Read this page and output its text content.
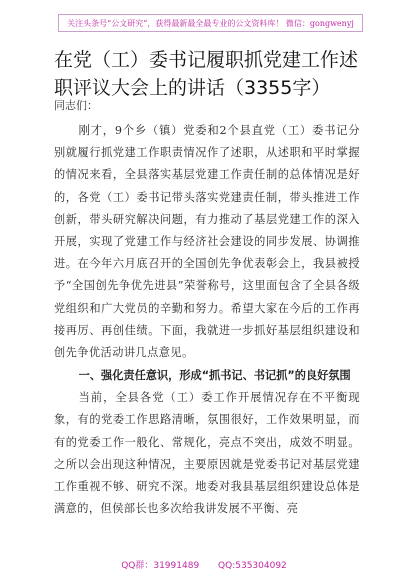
关注头条号“公文研究”，获得最新最全最专业的公文资料库！ 微信：gongwenyj
在党（工）委书记履职抓党建工作述职评议大会上的讲话（3355字）
同志们：

刚才，9个乡（镇）党委和2个县直党（工）委书记分别就履行抓党建工作职责情况作了述职，从述职和平时掌握的情况来看，全县落实基层党建工作责任制的总体情况是好的，各党（工）委书记带头落实党建责任制，带头推进工作创新，带头研究解决问题，有力推动了基层党建工作的深入开展，实现了党建工作与经济社会建设的同步发展、协调推进。在今年六月底召开的全国创先争优表彰会上，我县被授予“全国创先争优先进县”荣誉称号，这里面包含了全县各级党组织和广大党员的辛勤和努力。希望大家在今后的工作再接再厉、再创佳绩。下面，我就进一步抓好基层组织建设和创先争优活动讲几点意见。

一、强化责任意识，形成“抓书记、书记抓”的良好氛围

当前，全县各党（工）委工作开展情况存在不平衡现象，有的党委工作思路清晰，氛围很好，工作效果明显，而有的党委工作一般化、常规化，亮点不突出，成效不明显。之所以会出现这种情况，主要原因就是党委书记对基层党建工作重视不够、研究不深。地委对我县基层组织建设总体是满意的，但侯部长也多次给我讲发展不平衡、亮

QQ群：31991489 QQ:535304092
